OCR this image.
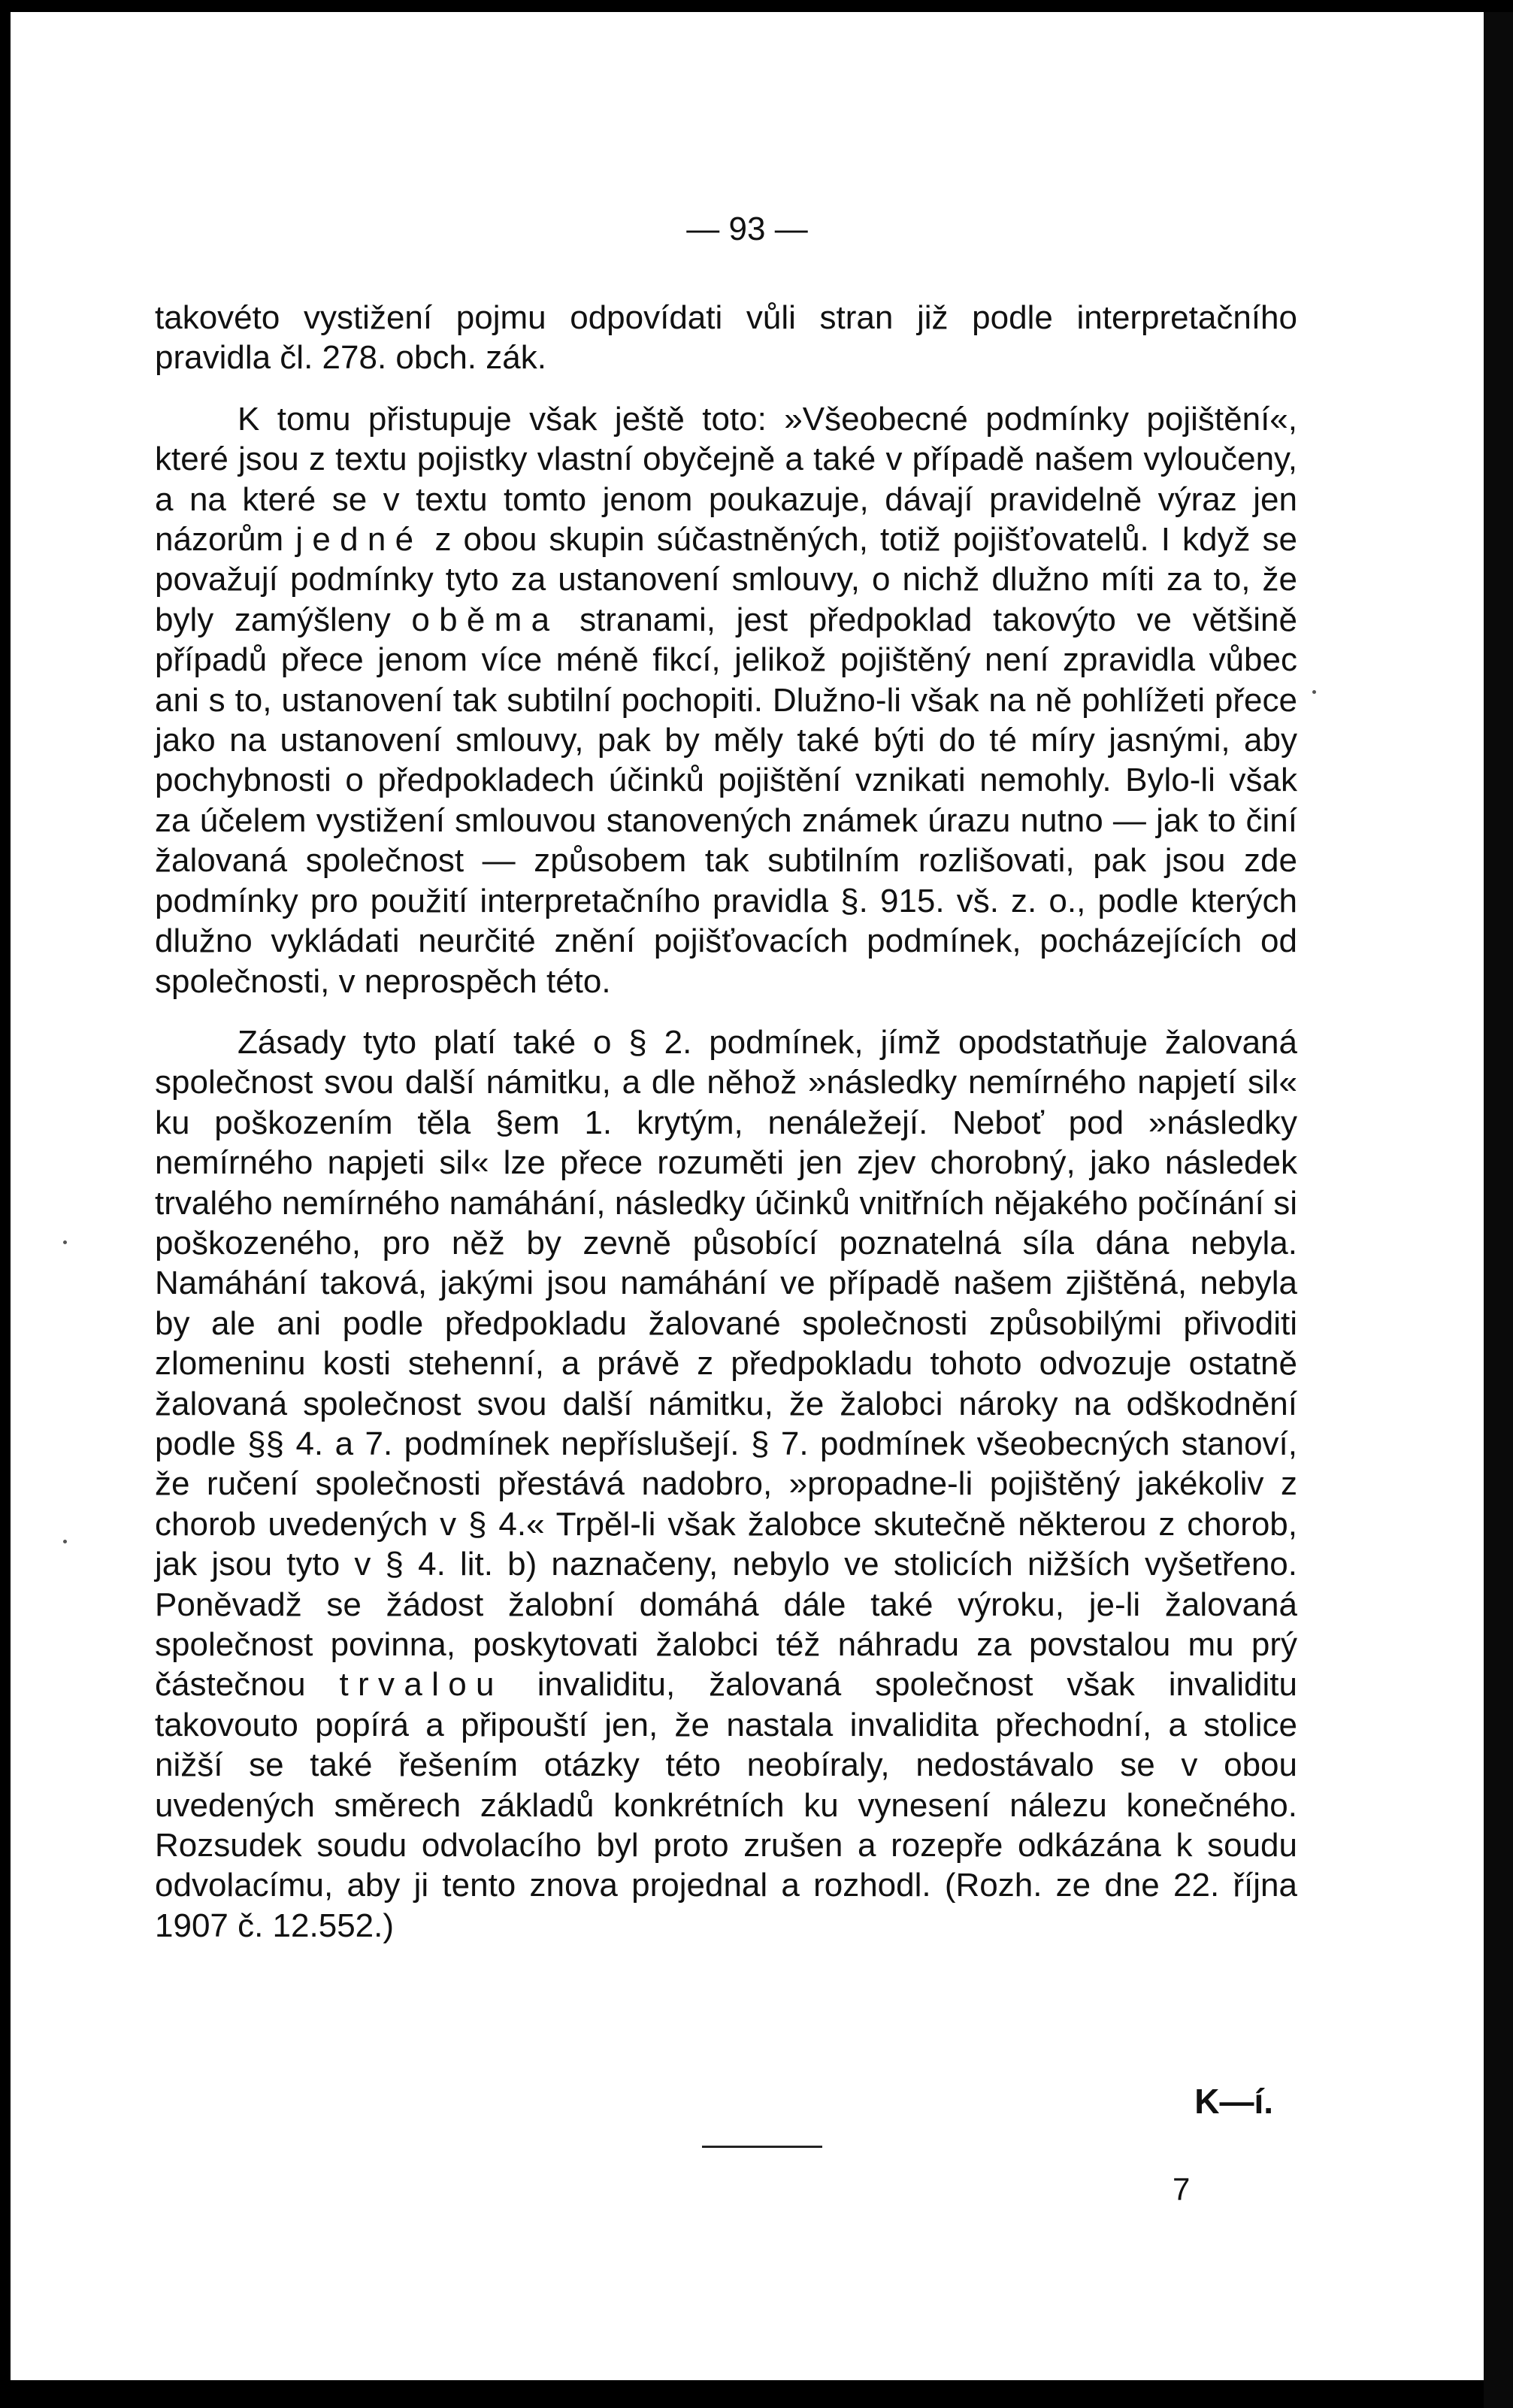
— 93 —

takovéto vystižení pojmu odpovídati vůli stran již podle interpretačního pravidla čl. 278. obch. zák.

K tomu přistupuje však ještě toto: »Všeobecné podmínky pojištění«, které jsou z textu pojistky vlastní obyčejně a také v případě našem vyloučeny, a na které se v textu tomto jenom poukazuje, dávají pravidelně výraz jen názorům jedné z obou skupin súčastněných, totiž pojišťovatelů. I když se považují podmínky tyto za ustanovení smlouvy, o nichž dlužno míti za to, že byly zamýšleny oběma stranami, jest předpoklad takovýto ve většině případů přece jenom více méně fikcí, jelikož pojištěný není zpravidla vůbec ani s to, ustanovení tak subtilní pochopiti. Dlužno-li však na ně pohlížeti přece jako na ustanovení smlouvy, pak by měly také býti do té míry jasnými, aby pochybnosti o předpokladech účinků pojištění vznikati nemohly. Bylo-li však za účelem vystižení smlouvou stanovených známek úrazu nutno — jak to činí žalovaná společnost — způsobem tak subtilním rozlišovati, pak jsou zde podmínky pro použití interpretačního pravidla §. 915. vš. z. o., podle kterých dlužno vykládati neurčité znění pojišťovacích podmínek, pocházejících od společnosti, v neprospěch této.

Zásady tyto platí také o § 2. podmínek, jímž opodstatňuje žalovaná společnost svou další námitku, a dle něhož »následky nemírného napjetí sil« ku poškozením těla §em 1. krytým, nenáležejí. Neboť pod »následky nemírného napjeti sil« lze přece rozuměti jen zjev chorobný, jako následek trvalého nemírného namáhání, následky účinků vnitřních nějakého počínání si poškozeného, pro něž by zevně působící poznatelná síla dána nebyla. Namáhání taková, jakými jsou namáhání ve případě našem zjištěná, nebyla by ale ani podle předpokladu žalované společnosti způsobilými přivoditi zlomeninu kosti stehenní, a právě z předpokladu tohoto odvozuje ostatně žalovaná společnost svou další námitku, že žalobci nároky na odškodnění podle §§ 4. a 7. podmínek nepříslušejí. § 7. podmínek všeobecných stanoví, že ručení společnosti přestává nadobro, »propadne-li pojištěný jakékoliv z chorob uvedených v § 4.« Trpěl-li však žalobce skutečně některou z chorob, jak jsou tyto v § 4. lit. b) naznačeny, nebylo ve stolicích nižších vyšetřeno. Poněvadž se žádost žalobní domáhá dále také výroku, je-li žalovaná společnost povinna, poskytovati žalobci též náhradu za povstalou mu prý částečnou trvalou invaliditu, žalovaná společnost však invaliditu takovouto popírá a připouští jen, že nastala invalidita přechodní, a stolice nižší se také řešením otázky této neobíraly, nedostávalo se v obou uvedených směrech základů konkrétních ku vynesení nálezu konečného. Rozsudek soudu odvolacího byl proto zrušen a rozepře odkázána k soudu odvolacímu, aby ji tento znova projednal a rozhodl. (Rozh. ze dne 22. října 1907 č. 12.552.)

K—í.
7
